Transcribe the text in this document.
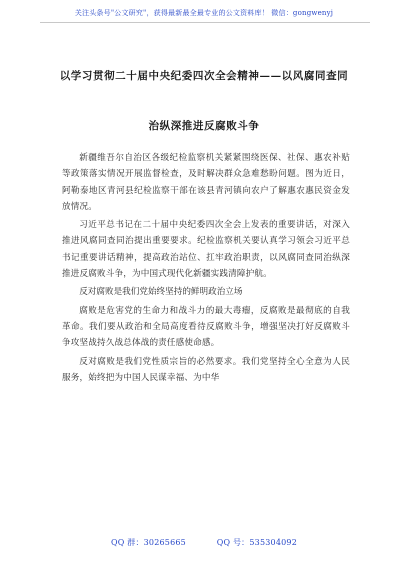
关注头条号"公文研究"，获得最新最全最专业的公文资料库！ 微信：gongwenyj
以学习贯彻二十届中央纪委四次全会精神——以风腐同查同
治纵深推进反腐败斗争

新疆维吾尔自治区各级纪检监察机关紧紧围绕医保、社保、惠农补贴等政策落实情况开展监督检查，及时解决群众急难愁盼问题。图为近日，阿勒泰地区青河县纪检监察干部在该县青河镇向农户了解惠农惠民资金发放情况。

习近平总书记在二十届中央纪委四次全会上发表的重要讲话，对深入推进风腐同查同治提出重要要求。纪检监察机关要认真学习领会习近平总书记重要讲话精神，提高政治站位、扛牢政治职责，以风腐同查同治纵深推进反腐败斗争，为中国式现代化新疆实践清障护航。

反对腐败是我们党始终坚持的鲜明政治立场

腐败是危害党的生命力和战斗力的最大毒瘤，反腐败是最彻底的自我革命。我们要从政治和全局高度看待反腐败斗争，增强坚决打好反腐败斗争攻坚战持久战总体战的责任感使命感。

反对腐败是我们党性质宗旨的必然要求。我们党坚持全心全意为人民服务，始终把为中国人民谋幸福、为中华

QQ 群：30265665	QQ 号：535304092
